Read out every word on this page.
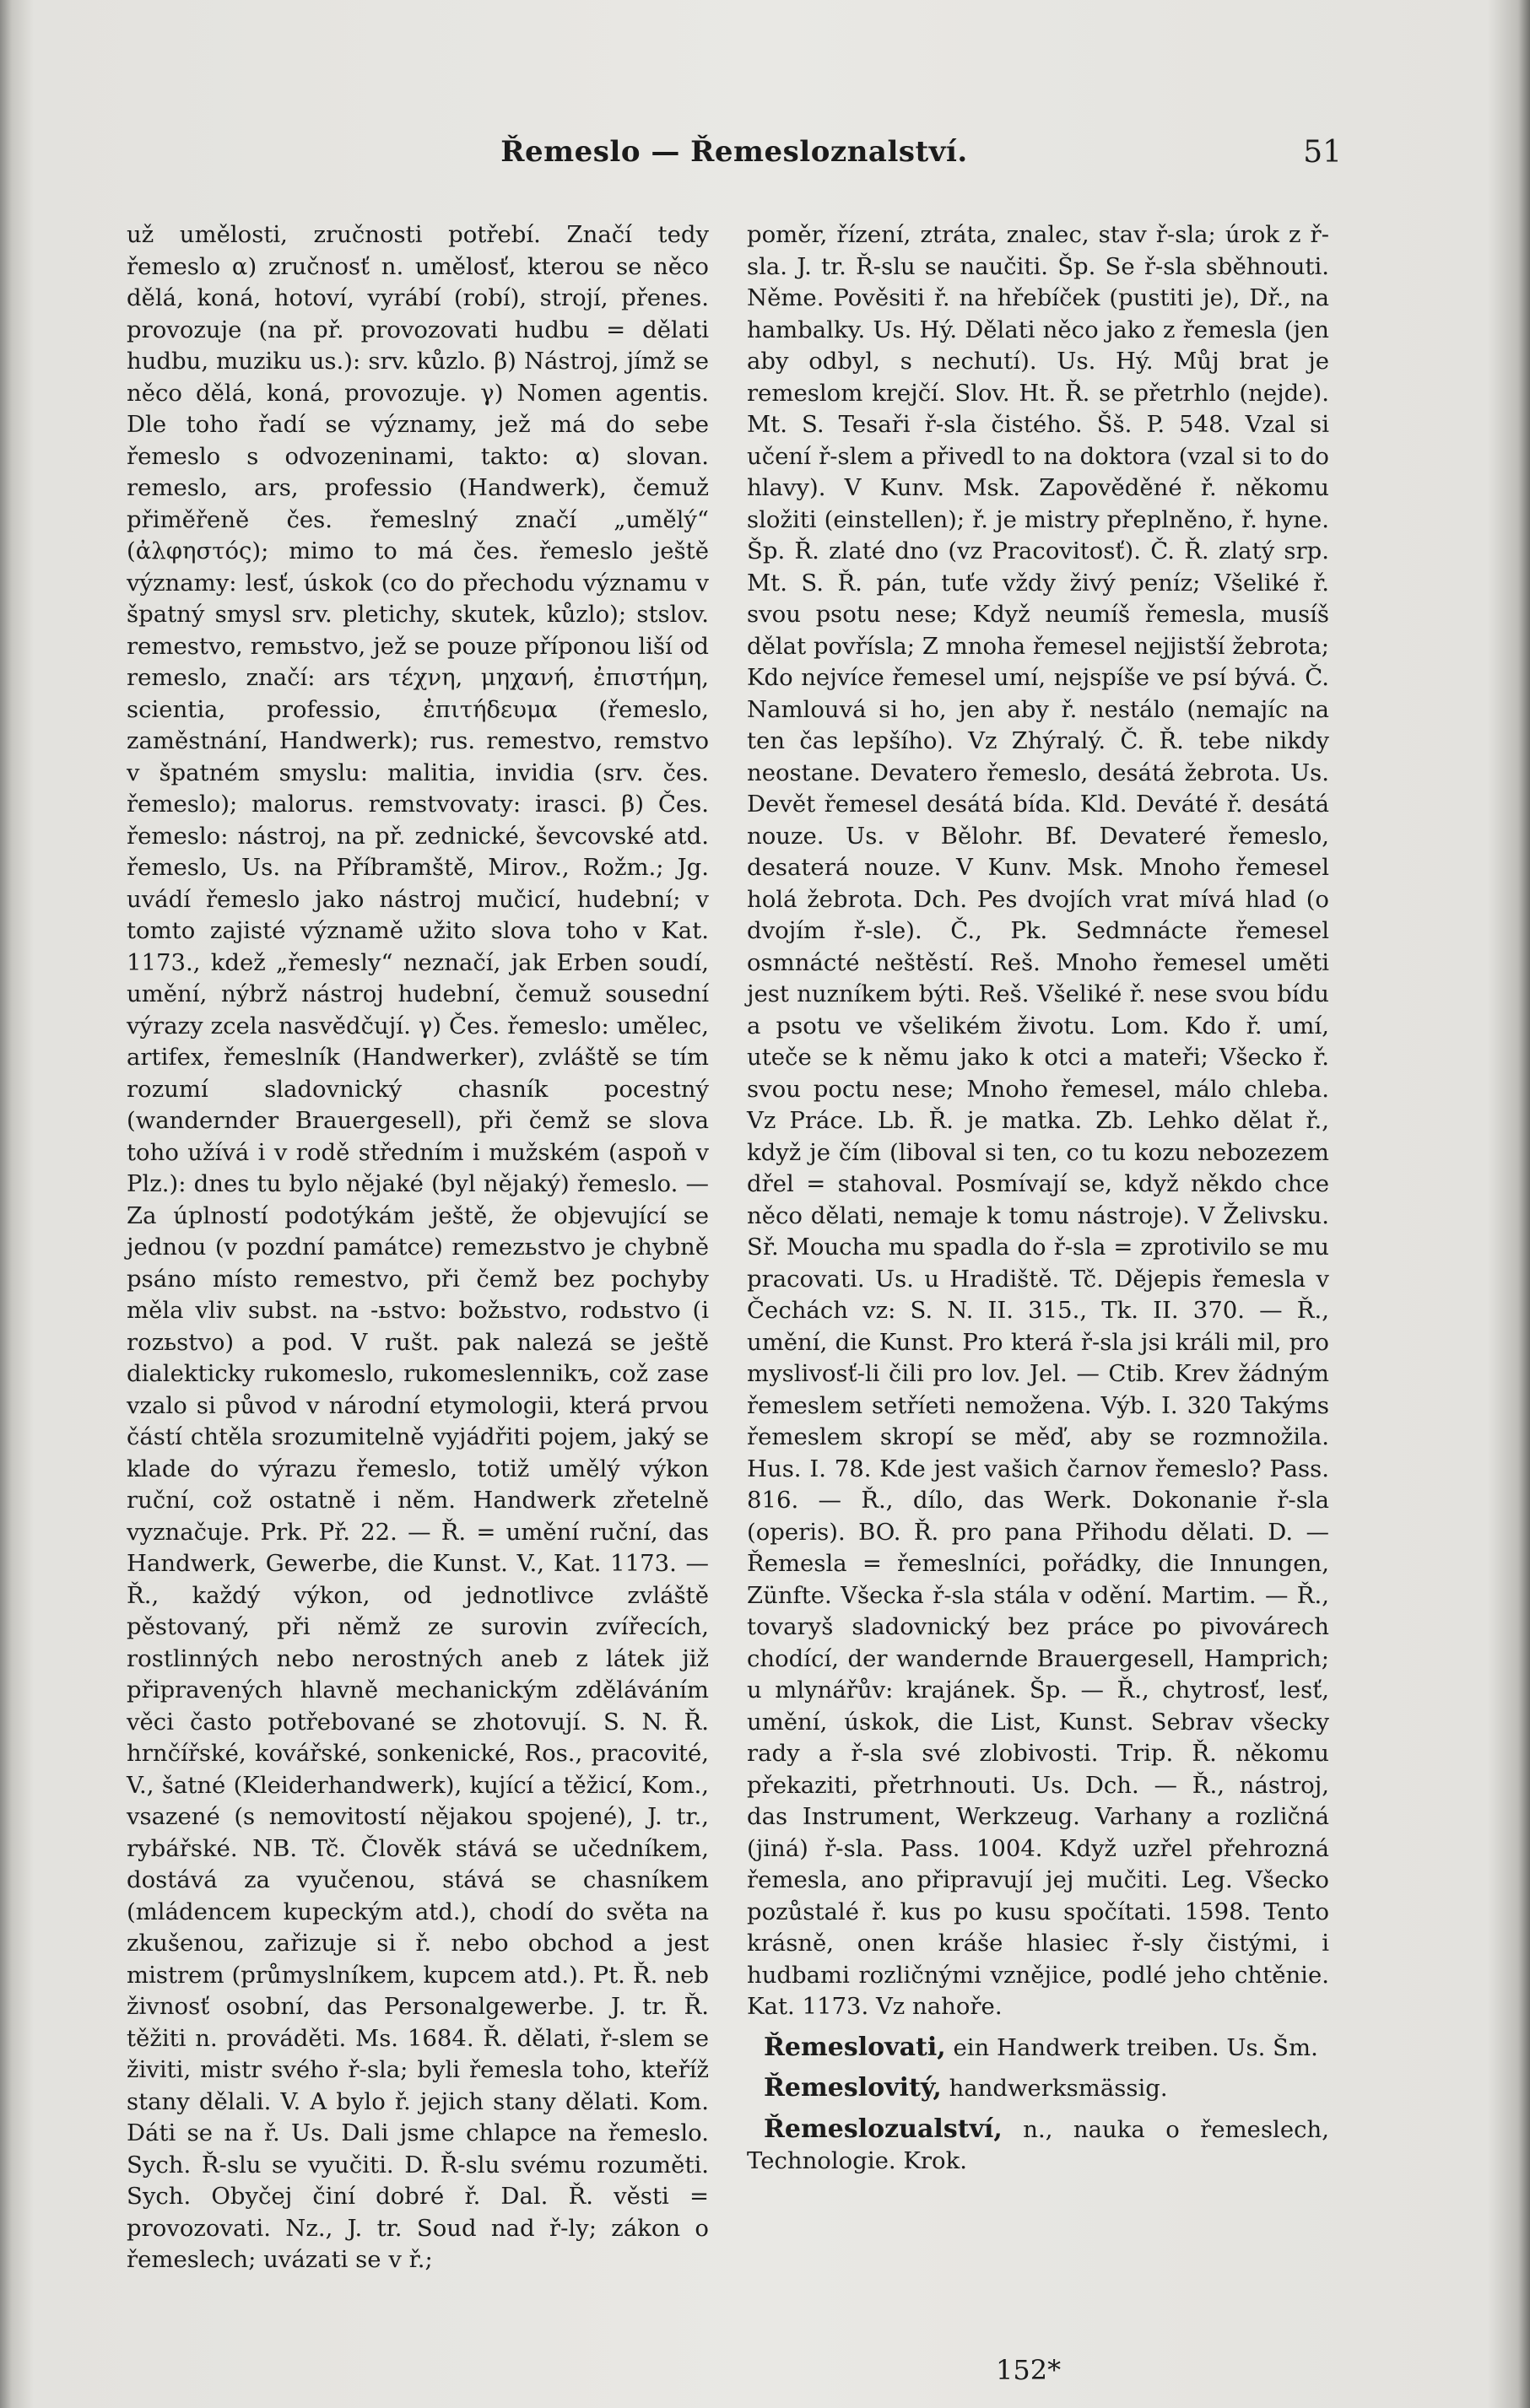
Řemeslo — Řemesloznalství.	51

už umělosti, zručnosti potřebí. Značí tedy řemeslo α) zručnosť n. umělosť, kterou se něco dělá, koná, hotoví, vyrábí (robí), strojí, přenes. provozuje (na př. provozovati hudbu = dělati hudbu, muziku us.): srv. kůzlo. β) Nástroj, jímž se něco dělá, koná, provozuje. γ) Nomen agentis. Dle toho řadí se významy, jež má do sebe řemeslo s odvozeninami, takto: α) slovan. remeslo, ars, professio (Handwerk), čemuž přiměřeně čes. řemeslný značí „umělý“ (ἀλφηστός); mimo to má čes. řemeslo ještě významy: lesť, úskok (co do přechodu významu v špatný smysl srv. pletichy, skutek, kůzlo); stslov. remestvo, remьstvo, jež se pouze příponou liší od remeslo, značí: ars τέχνη, μηχανή, ἐπιστήμη, scientia, professio, ἐπιτήδευμα (řemeslo, zaměstnání, Handwerk); rus. remestvo, remstvo v špatném smyslu: malitia, invidia (srv. čes. řemeslo); malorus. remstvovaty: irasci. β) Čes. řemeslo: nástroj, na př. zednické, ševcovské atd. řemeslo, Us. na Příbramště, Mirov., Rožm.; Jg. uvádí řemeslo jako nástroj mučicí, hudební; v tomto zajisté významě užito slova toho v Kat. 1173., kdež „řemesly“ neznačí, jak Erben soudí, umění, nýbrž nástroj hudební, čemuž sousední výrazy zcela nasvědčují. γ) Čes. řemeslo: umělec, artifex, řemeslník (Handwerker), zvláště se tím rozumí sladovnický chasník pocestný (wandernder Brauergesell), při čemž se slova toho užívá i v rodě středním i mužském (aspoň v Plz.): dnes tu bylo nějaké (byl nějaký) řemeslo. — Za úplností podotýkám ještě, že objevující se jednou (v pozdní památce) remezьstvo je chybně psáno místo remestvo, při čemž bez pochyby měla vliv subst. na -ьstvo: božьstvo, rodьstvo (i rozьstvo) a pod. V rušt. pak nalezá se ještě dialekticky rukomeslo, rukomeslennikъ, což zase vzalo si původ v národní etymologii, která prvou částí chtěla srozumitelně vyjádřiti pojem, jaký se klade do výrazu řemeslo, totiž umělý výkon ruční, což ostatně i něm. Handwerk zřetelně vyznačuje. Prk. Př. 22. — Ř. = umění ruční, das Handwerk, Gewerbe, die Kunst. V., Kat. 1173. — Ř., každý výkon, od jednotlivce zvláště pěstovaný, při němž ze surovin zvířecích, rostlinných nebo nerostných aneb z látek již připravených hlavně mechanickým zděláváním věci často potřebované se zhotovují. S. N. Ř. hrnčířské, kovářské, sonkenické, Ros., pracovité, V., šatné (Kleiderhandwerk), kující a těžicí, Kom., vsazené (s nemovitostí nějakou spojené), J. tr., rybářské. NB. Tč. Člověk stává se učedníkem, dostává za vyučenou, stává se chasníkem (mládencem kupeckým atd.), chodí do světa na zkušenou, zařizuje si ř. nebo obchod a jest mistrem (průmyslníkem, kupcem atd.). Pt. Ř. neb živnosť osobní, das Personalgewerbe. J. tr. Ř. těžiti n. prováděti. Ms. 1684. Ř. dělati, ř-slem se živiti, mistr svého ř-sla; byli řemesla toho, kteříž stany dělali. V. A bylo ř. jejich stany dělati. Kom. Dáti se na ř. Us. Dali jsme chlapce na řemeslo. Sych. Ř-slu se vyučiti. D. Ř-slu svému rozuměti. Sych. Obyčej činí dobré ř. Dal. Ř. věsti = provozovati. Nz., J. tr. Soud nad ř-ly; zákon o řemeslech; uvázati se v ř.;

poměr, řízení, ztráta, znalec, stav ř-sla; úrok z ř-sla. J. tr. Ř-slu se naučiti. Šp. Se ř-sla sběhnouti. Něme. Pověsiti ř. na hřebíček (pustiti je), Dř., na hambalky. Us. Hý. Dělati něco jako z řemesla (jen aby odbyl, s nechutí). Us. Hý. Můj brat je remeslom krejčí. Slov. Ht. Ř. se přetrhlo (nejde). Mt. S. Tesaři ř-sla čistého. Šš. P. 548. Vzal si učení ř-slem a přivedl to na doktora (vzal si to do hlavy). V Kunv. Msk. Zapověděné ř. někomu složiti (einstellen); ř. je mistry přeplněno, ř. hyne. Šp. Ř. zlaté dno (vz Pracovitosť). Č. Ř. zlatý srp. Mt. S. Ř. pán, tuťe vždy živý peníz; Všeliké ř. svou psotu nese; Když neumíš řemesla, musíš dělat povřísla; Z mnoha řemesel nejjistší žebrota; Kdo nejvíce řemesel umí, nejspíše ve psí bývá. Č. Namlouvá si ho, jen aby ř. nestálo (nemajíc na ten čas lepšího). Vz Zhýralý. Č. Ř. tebe nikdy neostane. Devatero řemeslo, desátá žebrota. Us. Devět řemesel desátá bída. Kld. Deváté ř. desátá nouze. Us. v Bělohr. Bf. Devateré řemeslo, desaterá nouze. V Kunv. Msk. Mnoho řemesel holá žebrota. Dch. Pes dvojích vrat mívá hlad (o dvojím ř-sle). Č., Pk. Sedmnácte řemesel osmnácté neštěstí. Reš. Mnoho řemesel uměti jest nuzníkem býti. Reš. Všeliké ř. nese svou bídu a psotu ve všelikém životu. Lom. Kdo ř. umí, uteče se k němu jako k otci a mateři; Všecko ř. svou poctu nese; Mnoho řemesel, málo chleba. Vz Práce. Lb. Ř. je matka. Zb. Lehko dělat ř., když je čím (liboval si ten, co tu kozu nebozezem dřel = stahoval. Posmívají se, když někdo chce něco dělati, nemaje k tomu nástroje). V Želivsku. Sř. Moucha mu spadla do ř-sla = zprotivilo se mu pracovati. Us. u Hradiště. Tč. Dějepis řemesla v Čechách vz: S. N. II. 315., Tk. II. 370. — Ř., umění, die Kunst. Pro která ř-sla jsi králi mil, pro myslivosť-li čili pro lov. Jel. — Ctib. Krev žádným řemeslem setříeti nemožena. Výb. I. 320 Takýms řemeslem skropí se měď, aby se rozmnožila. Hus. I. 78. Kde jest vašich čarnov řemeslo? Pass. 816. — Ř., dílo, das Werk. Dokonanie ř-sla (operis). BO. Ř. pro pana Přihodu dělati. D. — Řemesla = řemeslníci, pořádky, die Innungen, Zünfte. Všecka ř-sla stála v odění. Martim. — Ř., tovaryš sladovnický bez práce po pivovárech chodící, der wandernde Brauergesell, Hamprich; u mlynářův: krajánek. Šp. — Ř., chytrosť, lesť, umění, úskok, die List, Kunst. Sebrav všecky rady a ř-sla své zlobivosti. Trip. Ř. někomu překaziti, přetrhnouti. Us. Dch. — Ř., nástroj, das Instrument, Werkzeug. Varhany a rozličná (jiná) ř-sla. Pass. 1004. Když uzřel přehrozná řemesla, ano připravují jej mučiti. Leg. Všecko pozůstalé ř. kus po kusu spočítati. 1598. Tento krásně, onen kráše hlasiec ř-sly čistými, i hudbami rozličnými vznějice, podlé jeho chtěnie. Kat. 1173. Vz nahoře.

Řemeslovati, ein Handwerk treiben. Us. Šm.

Řemeslovitý, handwerksmässig.

Řemeslozualství, n., nauka o řemeslech, Technologie. Krok.

152*
